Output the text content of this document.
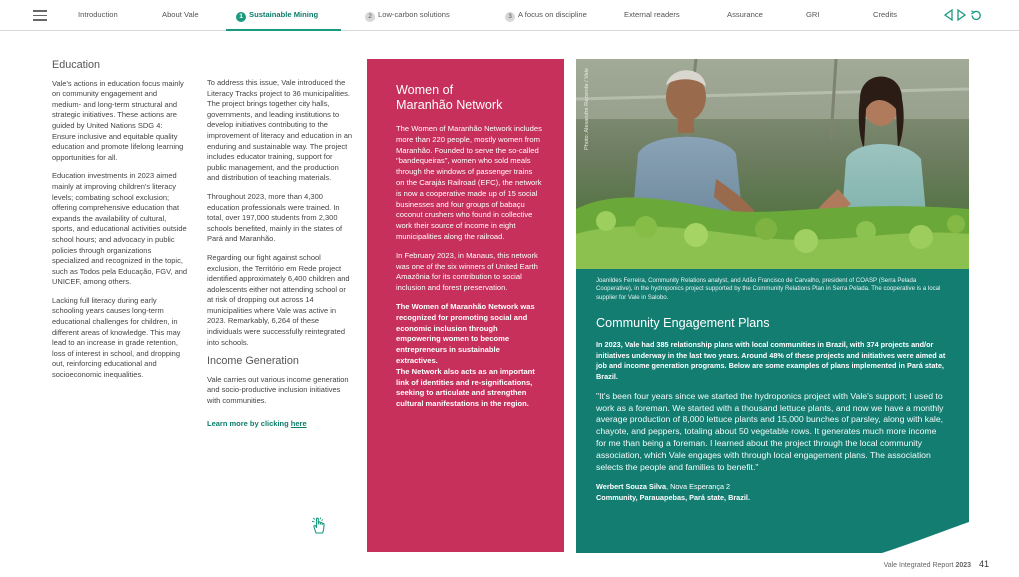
Introduction	About Vale	1 Sustainable Mining	2 Low-carbon solutions	3 A focus on discipline	External readers	Assurance	GRI	Credits
Education

Vale's actions in education focus mainly on community engagement and medium- and long-term structural and strategic initiatives. These actions are guided by United Nations SDG 4: Ensure inclusive and equitable quality education and promote lifelong learning opportunities for all.

Education investments in 2023 aimed mainly at improving children's literacy levels; combating school exclusion; offering comprehensive education that expands the availability of cultural, sports, and educational activities outside school hours; and advocacy in public policies through organizations specialized and recognized in the topic, such as Todos pela Educação, FGV, and UNICEF, among others.

Lacking full literacy during early schooling years causes long-term educational challenges for children, in different areas of knowledge. This may lead to an increase in grade retention, loss of interest in school, and dropping out, reinforcing educational and socioeconomic inequalities.

To address this issue, Vale introduced the Literacy Tracks project to 36 municipalities. The project brings together city halls, governments, and leading institutions to develop initiatives contributing to the improvement of literacy and education in an enduring and sustainable way. The project includes educator training, support for public management, and the production and distribution of teaching materials.

Throughout 2023, more than 4,300 education professionals were trained. In total, over 197,000 students from 2,300 schools benefited, mainly in the states of Pará and Maranhão.

Regarding our fight against school exclusion, the Território em Rede project identified approximately 6,400 children and adolescents either not attending school or at risk of dropping out across 14 municipalities where Vale was active in 2023. Remarkably, 6,264 of these individuals were successfully reintegrated into schools.

Income Generation

Vale carries out various income generation and socio-productive inclusion initiatives with communities.

Learn more by clicking here
Women of
Maranhão Network

The Women of Maranhão Network includes more than 220 people, mostly women from Maranhão. Founded to serve the so-called "bandequeiras", women who sold meals through the windows of passenger trains on the Carajás Railroad (EFC), the network is now a cooperative made up of 15 social businesses and four groups of babaçu coconut crushers who found in collective work their source of income in eight municipalities along the railroad.

In February 2023, in Manaus, this network was one of the six winners of United Earth Amazônia for its contribution to social inclusion and forest preservation.

The Women of Maranhão Network was recognized for promoting social and economic inclusion through empowering women to become entrepreneurs in sustainable extractives.
The Network also acts as an important link of identities and re-significations, seeking to articulate and strengthen cultural manifestations in the region.

Photo: Alexandre Rezende / Vale
Joanildes Ferreira, Community Relations analyst, and Adão Francisco de Carvalho, president of COASP (Serra Pelada Cooperative), in the hydroponics project supported by the Community Relations Plan in Serra Pelada. The cooperative is a local supplier for Vale in Salobo.
Community Engagement Plans
In 2023, Vale had 385 relationship plans with local communities in Brazil, with 374 projects and/or initiatives underway in the last two years. Around 48% of these projects and initiatives were aimed at job and income generation programs. Below are some examples of plans implemented in Pará state, Brazil.
"It's been four years since we started the hydroponics project with Vale's support; I used to work as a foreman. We started with a thousand lettuce plants, and now we have a monthly average production of 8,000 lettuce plants and 15,000 bunches of parsley, along with kale, chayote, and peppers, totaling about 50 vegetable rows. It generates much more income for me than being a foreman. I learned about the project through the local community association, which Vale engages with through local engagement plans. The association selects the people and families to benefit."
Werbert Souza Silva, Nova Esperança 2
Community, Parauapebas, Pará state, Brazil.
Vale Integrated Report 2023 41
